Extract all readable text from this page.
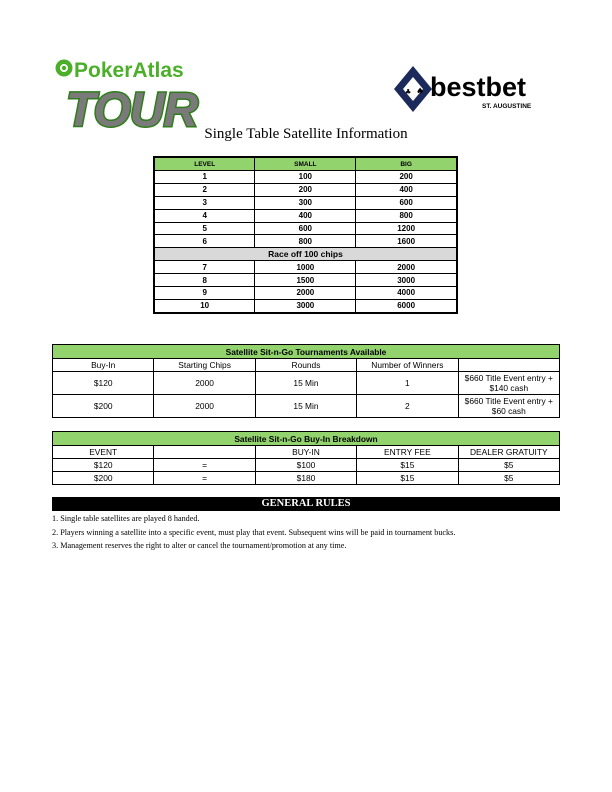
PokerAtlas
TOUR	♠
♣ bestbet
ST. AUGUSTINE
Single Table Satellite Information
LEVEL	SMALL	BIG
1	100	200
2	200	400
3	300	600
4	400	800
5	600	1200
6	800	1600
Race off 100 chips		
7	1000	2000
8	1500	3000
9	2000	4000
10	3000	6000
Satellite Sit-n-Go Tournaments Available				
Buy-In	Starting Chips	Rounds	Number of Winners	
$120	2000	15 Min	1	$660 Title Event entry + $140 cash
$200	2000	15 Min	2	$660 Title Event entry + $60 cash
Satellite Sit-n-Go Buy-In Breakdown				
EVENT		BUY-IN	ENTRY FEE	DEALER GRATUITY
$120	=	$100	$15	$5
$200	=	$180	$15	$5
GENERAL RULES
1. Single table satellites are played 8 handed.
2. Players winning a satellite into a specific event, must play that event. Subsequent wins will be paid in tournament bucks.
3. Management reserves the right to alter or cancel the tournament/promotion at any time.
